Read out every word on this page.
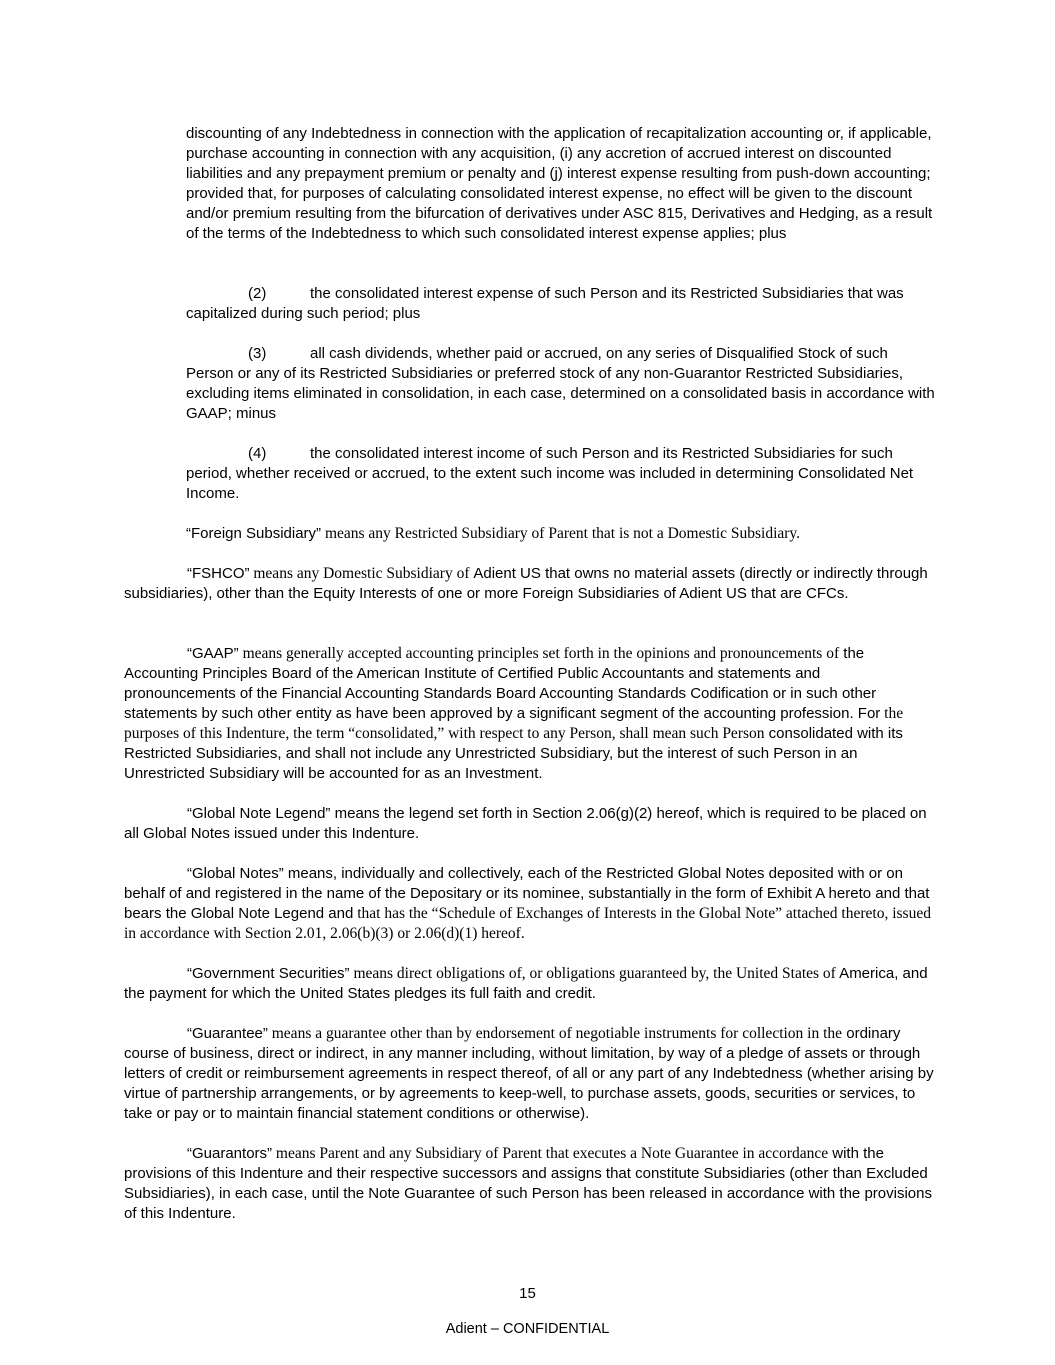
discounting of any Indebtedness in connection with the application of recapitalization accounting or, if applicable, purchase accounting in connection with any acquisition, (i) any accretion of accrued interest on discounted liabilities and any prepayment premium or penalty and (j) interest expense resulting from push-down accounting; provided that, for purposes of calculating consolidated interest expense, no effect will be given to the discount and/or premium resulting from the bifurcation of derivatives under ASC 815, Derivatives and Hedging, as a result of the terms of the Indebtedness to which such consolidated interest expense applies; plus

(2)	the consolidated interest expense of such Person and its Restricted Subsidiaries that was
capitalized during such period; plus

(3)	all cash dividends, whether paid or accrued, on any series of Disqualified Stock of such
Person or any of its Restricted Subsidiaries or preferred stock of any non-Guarantor Restricted Subsidiaries, excluding items eliminated in consolidation, in each case, determined on a consolidated basis in accordance with GAAP; minus

(4)	the consolidated interest income of such Person and its Restricted Subsidiaries for such
period, whether received or accrued, to the extent such income was included in determining Consolidated Net Income.

“Foreign Subsidiary” means any Restricted Subsidiary of Parent that is not a Domestic Subsidiary.

“FSHCO” means any Domestic Subsidiary of Adient US that owns no material assets (directly or indirectly through subsidiaries), other than the Equity Interests of one or more Foreign Subsidiaries of Adient US that are CFCs.

“GAAP” means generally accepted accounting principles set forth in the opinions and pronouncements of the Accounting Principles Board of the American Institute of Certified Public Accountants and statements and pronouncements of the Financial Accounting Standards Board Accounting Standards Codification or in such other statements by such other entity as have been approved by a significant segment of the accounting profession. For the purposes of this Indenture, the term “consolidated,” with respect to any Person, shall mean such Person consolidated with its Restricted Subsidiaries, and shall not include any Unrestricted Subsidiary, but the interest of such Person in an Unrestricted Subsidiary will be accounted for as an Investment.

“Global Note Legend” means the legend set forth in Section 2.06(g)(2) hereof, which is required to be placed on all Global Notes issued under this Indenture.

“Global Notes” means, individually and collectively, each of the Restricted Global Notes deposited with or on behalf of and registered in the name of the Depositary or its nominee, substantially in the form of Exhibit A hereto and that bears the Global Note Legend and that has the “Schedule of Exchanges of Interests in the Global Note” attached thereto, issued in accordance with Section 2.01, 2.06(b)(3) or 2.06(d)(1) hereof.

“Government Securities” means direct obligations of, or obligations guaranteed by, the United States of America, and the payment for which the United States pledges its full faith and credit.

“Guarantee” means a guarantee other than by endorsement of negotiable instruments for collection in the ordinary course of business, direct or indirect, in any manner including, without limitation, by way of a pledge of assets or through letters of credit or reimbursement agreements in respect thereof, of all or any part of any Indebtedness (whether arising by virtue of partnership arrangements, or by agreements to keep-well, to purchase assets, goods, securities or services, to take or pay or to maintain financial statement conditions or otherwise).

“Guarantors” means Parent and any Subsidiary of Parent that executes a Note Guarantee in accordance with the provisions of this Indenture and their respective successors and assigns that constitute Subsidiaries (other than Excluded Subsidiaries), in each case, until the Note Guarantee of such Person has been released in accordance with the provisions of this Indenture.

15
Adient – CONFIDENTIAL
